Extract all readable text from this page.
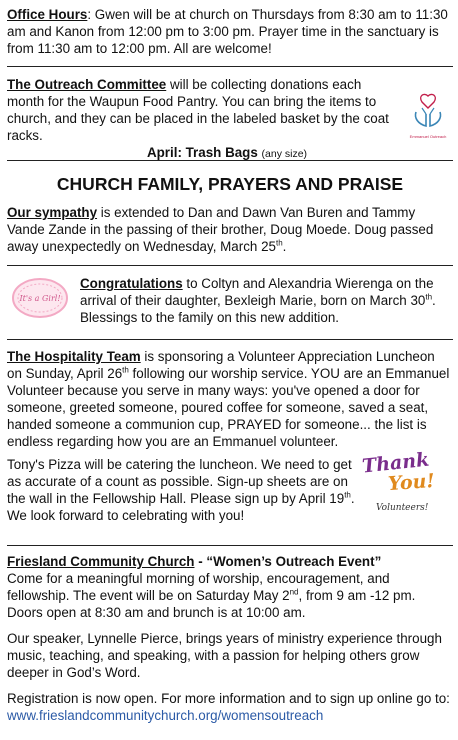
Office Hours: Gwen will be at church on Thursdays from 8:30 am to 11:30 am and Kanon from 12:00 pm to 3:00 pm. Prayer time in the sanctuary is from 11:30 am to 12:00 pm. All are welcome!

The Outreach Committee will be collecting donations each month for the Waupun Food Pantry. You can bring the items to church, and they can be placed in the labeled basket by the coat racks.

April: Trash Bags (any size)

Emmanuel Outreach
CHURCH FAMILY, PRAYERS AND PRAISE

Our sympathy is extended to Dan and Dawn Van Buren and Tammy Vande Zande in the passing of their brother, Doug Moede. Doug passed away unexpectedly on Wednesday, March 25th.

It's a Girl!

Congratulations to Coltyn and Alexandria Wierenga on the arrival of their daughter, Bexleigh Marie, born on March 30th. Blessings to the family on this new addition.

The Hospitality Team is sponsoring a Volunteer Appreciation Luncheon on Sunday, April 26th following our worship service. YOU are an Emmanuel Volunteer because you serve in many ways: you've opened a door for someone, greeted someone, poured coffee for someone, saved a seat, handed someone a communion cup, PRAYED for someone... the list is endless regarding how you are an Emmanuel volunteer.

Tony's Pizza will be catering the luncheon. We need to get as accurate of a count as possible. Sign-up sheets are on the wall in the Fellowship Hall. Please sign up by April 19th. We look forward to celebrating with you!

Thank
You!
Volunteers!

Friesland Community Church - “Women’s Outreach Event”

Come for a meaningful morning of worship, encouragement, and fellowship. The event will be on Saturday May 2nd, from 9 am -12 pm. Doors open at 8:30 am and brunch is at 10:00 am.

Our speaker, Lynnelle Pierce, brings years of ministry experience through music, teaching, and speaking, with a passion for helping others grow deeper in God’s Word.

Registration is now open. For more information and to sign up online go to: www.frieslandcommunitychurch.org/womensoutreach
